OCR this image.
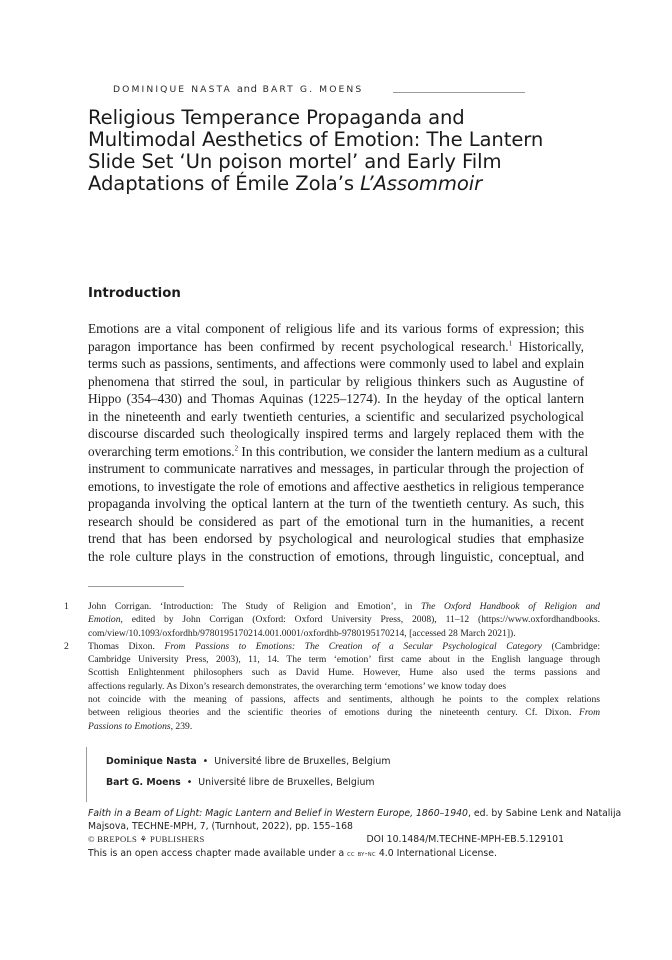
DOMINIQUE NASTA and BART G. MOENS
Religious Temperance Propaganda and
Multimodal Aesthetics of Emotion: The Lantern
Slide Set ‘Un poison mortel’ and Early Film
Adaptations of Émile Zola’s L’Assommoir
Introduction
Emotions are a vital component of religious life and its various forms of expression; this
paragon importance has been confirmed by recent psychological research.$^1$ Historically,
terms such as passions, sentiments, and affections were commonly used to label and explain
phenomena that stirred the soul, in particular by religious thinkers such as Augustine of
Hippo (354–430) and Thomas Aquinas (1225–1274). In the heyday of the optical lantern
in the nineteenth and early twentieth centuries, a scientific and secularized psychological
discourse discarded such theologically inspired terms and largely replaced them with the
overarching term emotions.$^2$ In this contribution, we consider the lantern medium as a cultural
instrument to communicate narratives and messages, in particular through the projection of
emotions, to investigate the role of emotions and affective aesthetics in religious temperance
propaganda involving the optical lantern at the turn of the twentieth century. As such, this
research should be considered as part of the emotional turn in the humanities, a recent
trend that has been endorsed by psychological and neurological studies that emphasize
the role culture plays in the construction of emotions, through linguistic, conceptual, and
1 John Corrigan. ‘Introduction: The Study of Religion and Emotion’, in The Oxford Handbook of Religion and
Emotion, edited by John Corrigan (Oxford: Oxford University Press, 2008), 11–12 (https://www.oxfordhandbooks.
com/view/10.1093/oxfordhb/9780195170214.001.0001/oxfordhb-9780195170214, [accessed 28 March 2021]).
2 Thomas Dixon. From Passions to Emotions: The Creation of a Secular Psychological Category (Cambridge:
Cambridge University Press, 2003), 11, 14. The term ‘emotion’ first came about in the English language through
Scottish Enlightenment philosophers such as David Hume. However, Hume also used the terms passions and
affections regularly. As Dixon’s research demonstrates, the overarching term ‘emotions’ we know today does
not coincide with the meaning of passions, affects and sentiments, although he points to the complex relations
between religious theories and the scientific theories of emotions during the nineteenth century. Cf. Dixon. From
Passions to Emotions, 239.
Dominique Nasta • Université libre de Bruxelles, Belgium
Bart G. Moens • Université libre de Bruxelles, Belgium
Faith in a Beam of Light: Magic Lantern and Belief in Western Europe, 1860–1940, ed. by Sabine Lenk and Natalija
Majsova, TECHNE-MPH, 7, (Turnhout, 2022), pp. 155–168
© BREPOLS ⚘ PUBLISHERS	DOI 10.1484/M.TECHNE-MPH-EB.5.129101
This is an open access chapter made available under a cc by-nc 4.0 International License.
